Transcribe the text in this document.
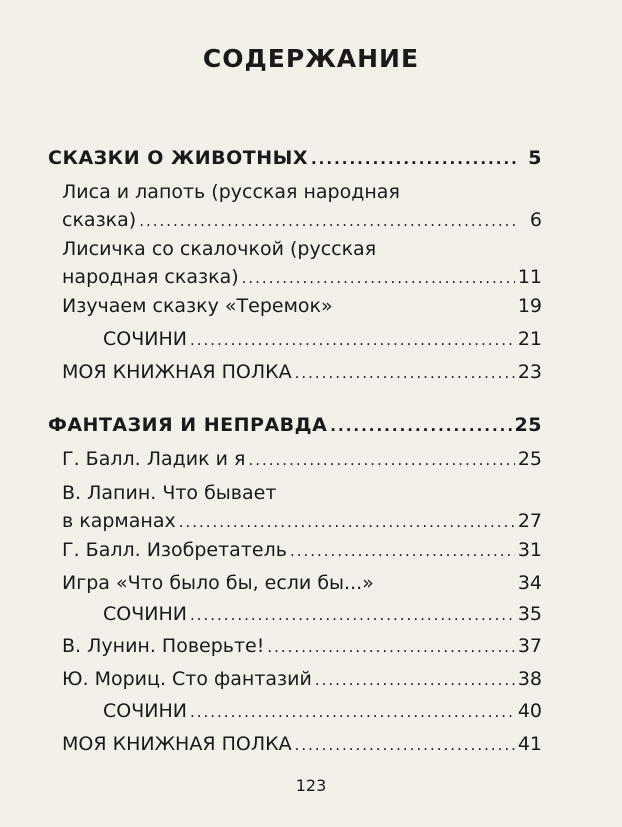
СОДЕРЖАНИЕ
СКАЗКИ О ЖИВОТНЫХ .....	5
Лиса и лапоть (русская народная
сказка) .....	6
Лисичка со скалочкой (русская
народная сказка) .....	11
Изучаем сказку «Теремок»	19
СОЧИНИ .....	21
МОЯ КНИЖНАЯ ПОЛКА .....	23
ФАНТАЗИЯ И НЕПРАВДА .....	25
Г. Балл. Ладик и я .....	25
В. Лапин. Что бывает
в карманах .....	27
Г. Балл. Изобретатель .....	31
Игра «Что было бы, если бы...»	34
СОЧИНИ .....	35
В. Лунин. Поверьте! .....	37
Ю. Мориц. Сто фантазий .....	38
СОЧИНИ .....	40
МОЯ КНИЖНАЯ ПОЛКА .....	41
123
